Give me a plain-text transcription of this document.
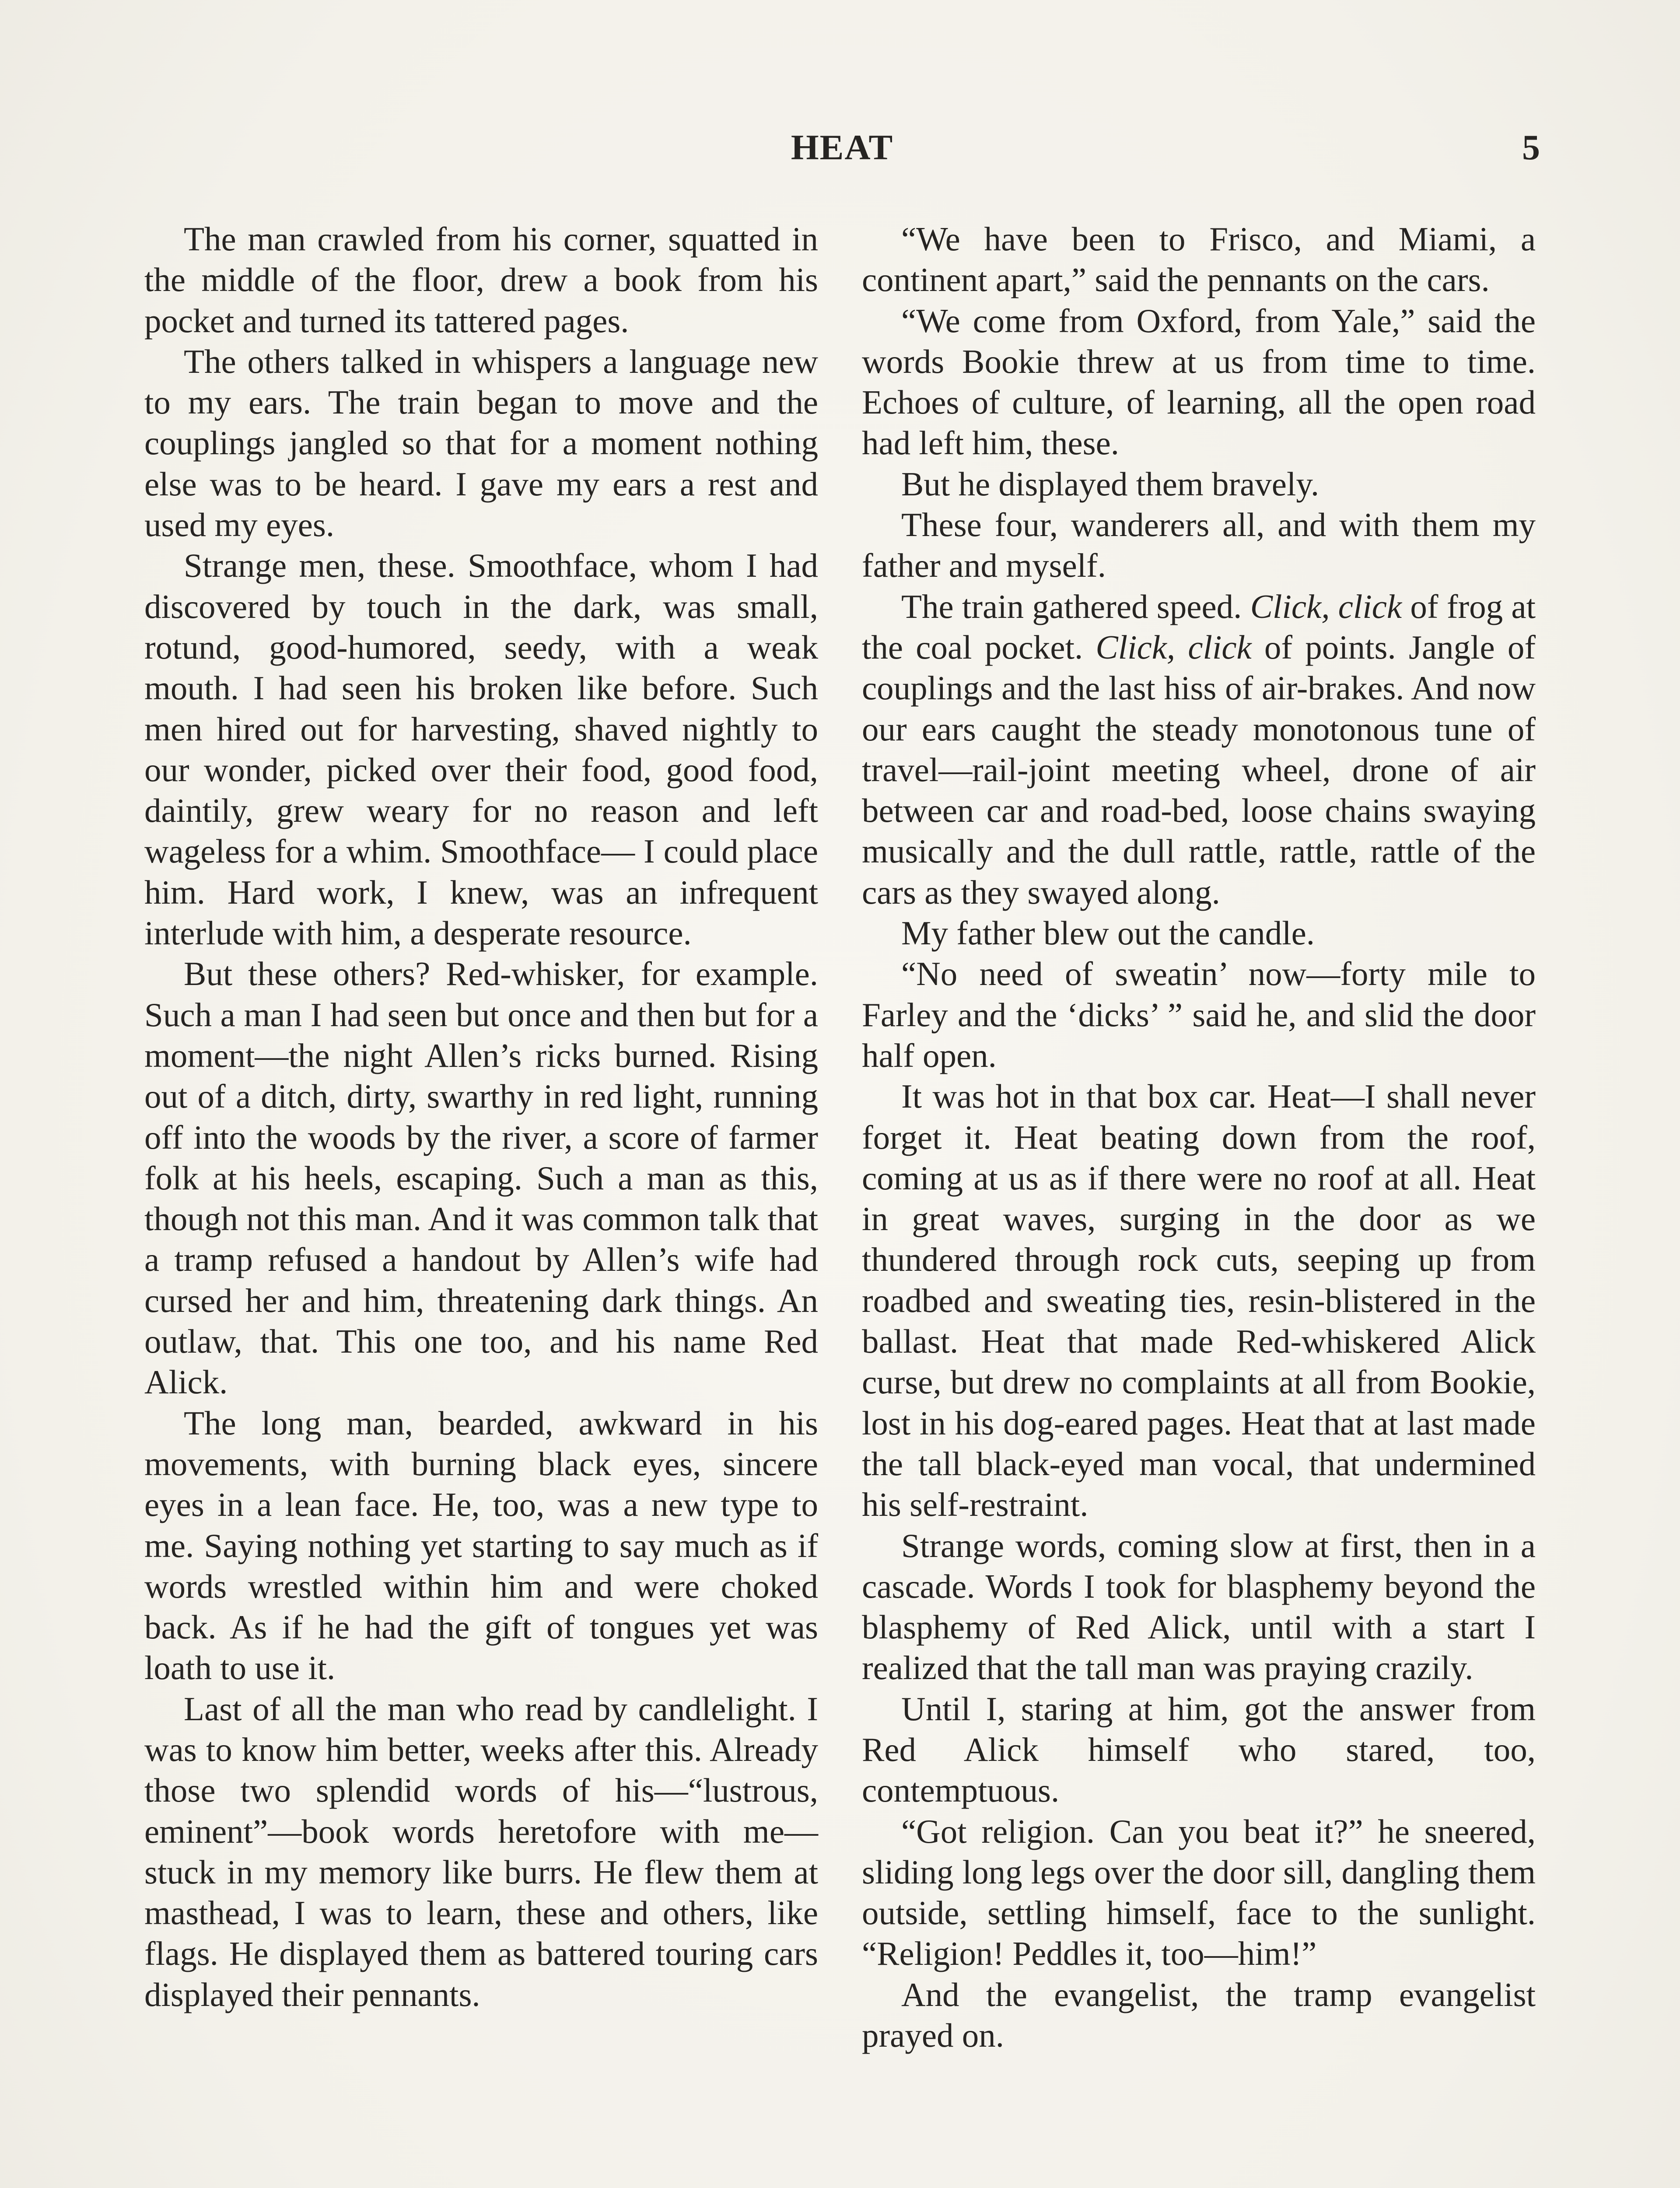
HEAT	5

The man crawled from his corner, squatted in the middle of the floor, drew a book from his pocket and turned its tattered pages.

The others talked in whispers a language new to my ears. The train began to move and the couplings jangled so that for a moment nothing else was to be heard. I gave my ears a rest and used my eyes.

Strange men, these. Smoothface, whom I had discovered by touch in the dark, was small, rotund, good-humored, seedy, with a weak mouth. I had seen his broken like before. Such men hired out for harvesting, shaved nightly to our wonder, picked over their food, good food, daintily, grew weary for no reason and left wageless for a whim. Smoothface— I could place him. Hard work, I knew, was an infrequent interlude with him, a desperate resource.

But these others? Red-whisker, for example. Such a man I had seen but once and then but for a moment—the night Allen’s ricks burned. Rising out of a ditch, dirty, swarthy in red light, running off into the woods by the river, a score of farmer folk at his heels, escaping. Such a man as this, though not this man. And it was common talk that a tramp refused a handout by Allen’s wife had cursed her and him, threatening dark things. An outlaw, that. This one too, and his name Red Alick.

The long man, bearded, awkward in his movements, with burning black eyes, sincere eyes in a lean face. He, too, was a new type to me. Saying nothing yet starting to say much as if words wrestled within him and were choked back. As if he had the gift of tongues yet was loath to use it.

Last of all the man who read by candlelight. I was to know him better, weeks after this. Already those two splendid words of his—“lustrous, eminent”—book words heretofore with me—stuck in my memory like burrs. He flew them at masthead, I was to learn, these and others, like flags. He displayed them as battered touring cars displayed their pennants.

“We have been to Frisco, and Miami, a continent apart,” said the pennants on the cars.

“We come from Oxford, from Yale,” said the words Bookie threw at us from time to time. Echoes of culture, of learning, all the open road had left him, these.

But he displayed them bravely.

These four, wanderers all, and with them my father and myself.

The train gathered speed. Click, click of frog at the coal pocket. Click, click of points. Jangle of couplings and the last hiss of air-brakes. And now our ears caught the steady monotonous tune of travel—rail-joint meeting wheel, drone of air between car and road-bed, loose chains swaying musically and the dull rattle, rattle, rattle of the cars as they swayed along.

My father blew out the candle.

“No need of sweatin’ now—forty mile to Farley and the ‘dicks’ ” said he, and slid the door half open.

It was hot in that box car. Heat—I shall never forget it. Heat beating down from the roof, coming at us as if there were no roof at all. Heat in great waves, surging in the door as we thundered through rock cuts, seeping up from roadbed and sweating ties, resin-blistered in the ballast. Heat that made Red-whiskered Alick curse, but drew no complaints at all from Bookie, lost in his dog-eared pages. Heat that at last made the tall black-eyed man vocal, that undermined his self-restraint.

Strange words, coming slow at first, then in a cascade. Words I took for blasphemy beyond the blasphemy of Red Alick, until with a start I realized that the tall man was praying crazily.

Until I, staring at him, got the answer from Red Alick himself who stared, too, contemptuous.

“Got religion. Can you beat it?” he sneered, sliding long legs over the door sill, dangling them outside, settling himself, face to the sunlight. “Religion! Peddles it, too—him!”

And the evangelist, the tramp evangelist prayed on.
